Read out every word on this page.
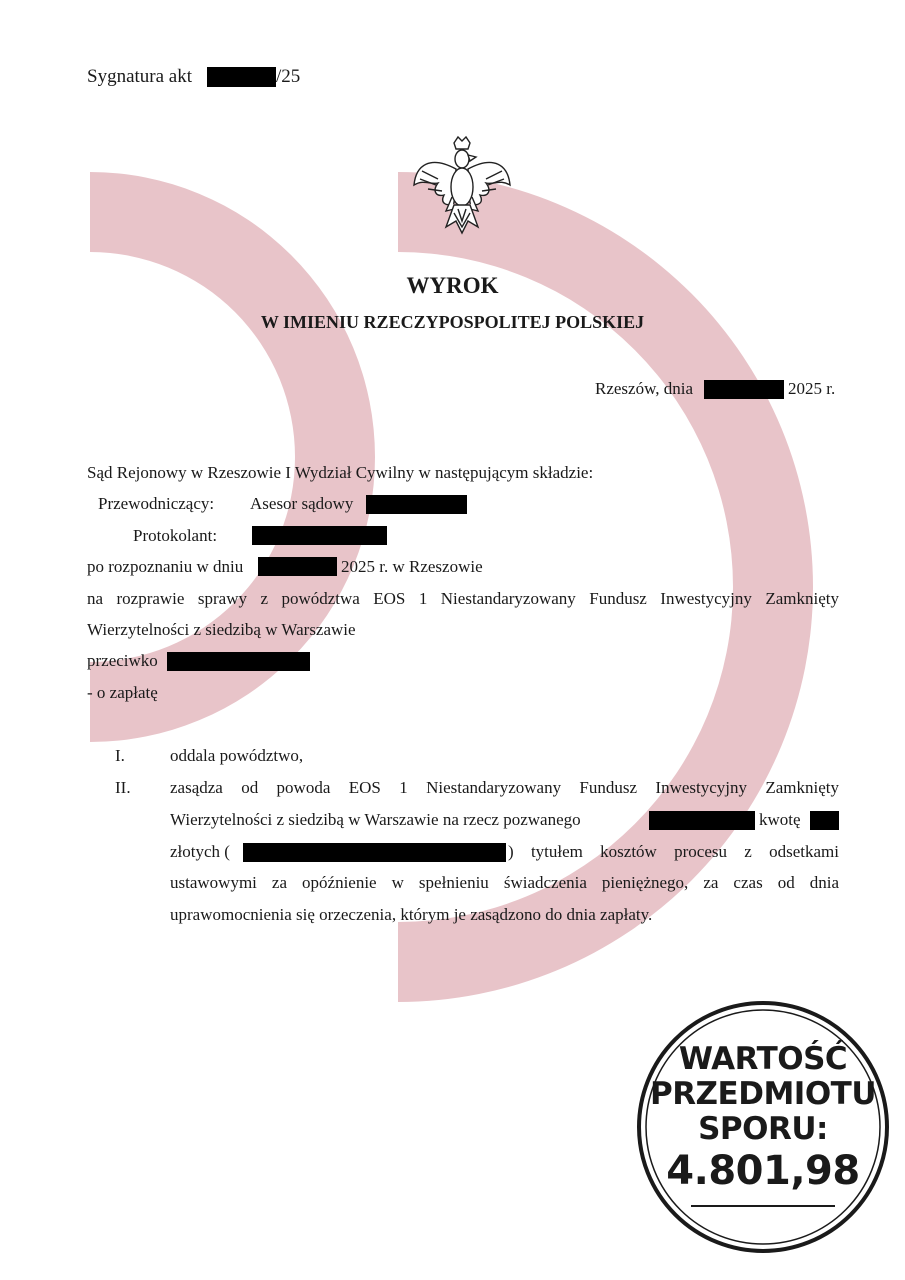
Sygnatura akt	/25
WYROK
W IMIENIU RZECZYPOSPOLITEJ POLSKIEJ
Rzeszów, dnia	2025 r.
Sąd Rejonowy w Rzeszowie I Wydział Cywilny w następującym składzie:
Przewodniczący: Asesor sądowy
Protokolant:
po rozpoznaniu w dniu	2025 r. w Rzeszowie
na rozprawie sprawy z powództwa EOS 1 Niestandaryzowany Fundusz Inwestycyjny Zamknięty
Wierzytelności z siedzibą w Warszawie
przeciwko
- o zapłatę
I.	oddala powództwo,
II. zasądza od powoda EOS 1 Niestandaryzowany Fundusz Inwestycyjny Zamknięty
Wierzytelności z siedzibą w Warszawie na rzecz pozwanego	kwotę
złotych (	) tytułem kosztów procesu z odsetkami
ustawowymi za opóźnienie w spełnieniu świadczenia pieniężnego, za czas od dnia
uprawomocnienia się orzeczenia, którym je zasądzono do dnia zapłaty.
WARTOŚĆ
PRZEDMIOTU
SPORU:
4.801,98
